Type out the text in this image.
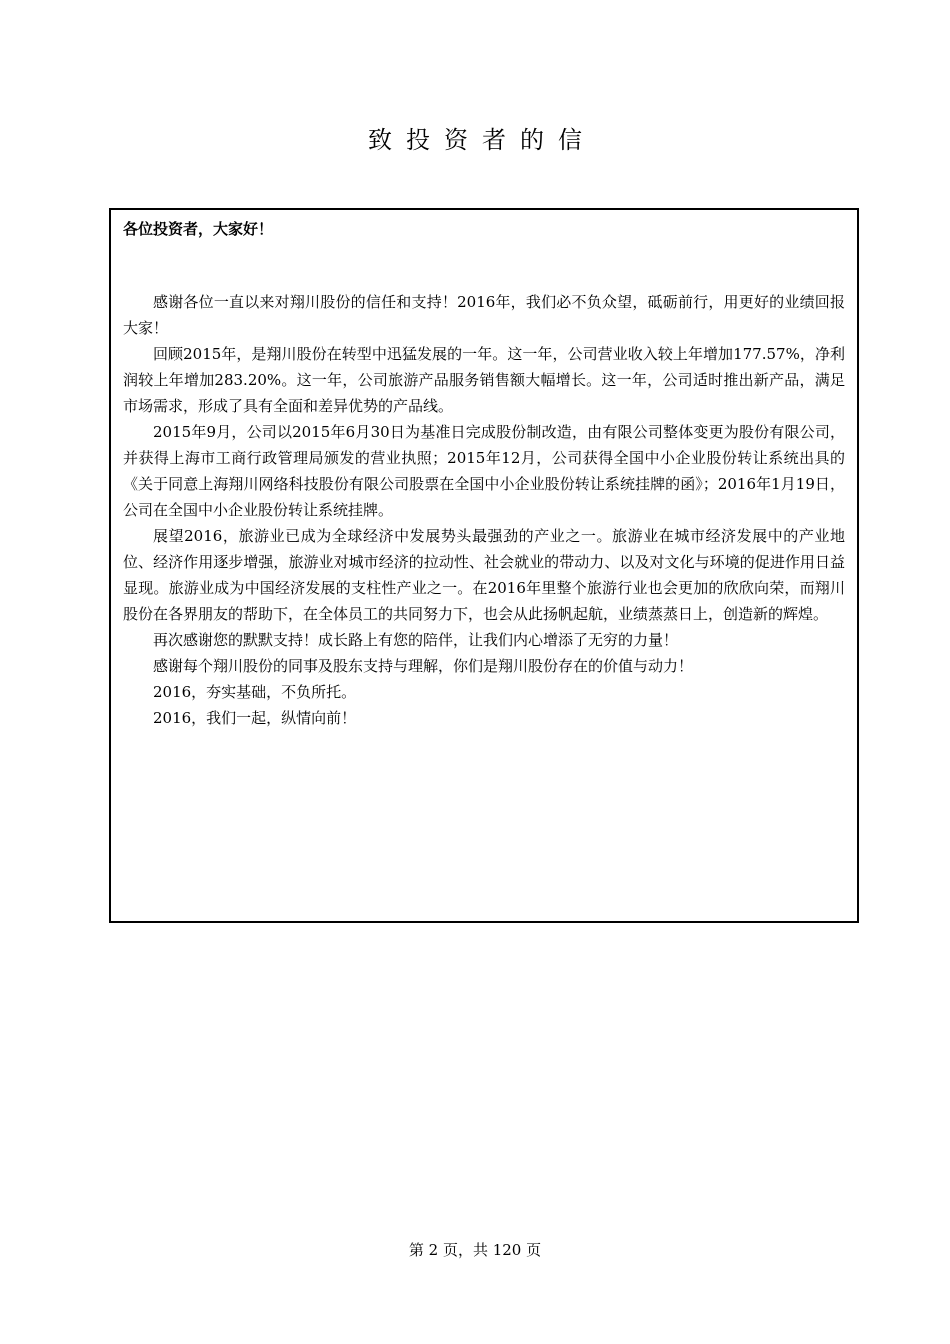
致投资者的信

各位投资者，大家好！

感谢各位一直以来对翔川股份的信任和支持！2016年，我们必不负众望，砥砺前行，用更好的业绩回报大家！

回顾2015年，是翔川股份在转型中迅猛发展的一年。这一年，公司营业收入较上年增加177.57%，净利润较上年增加283.20%。这一年，公司旅游产品服务销售额大幅增长。这一年，公司适时推出新产品，满足市场需求，形成了具有全面和差异优势的产品线。

2015年9月，公司以2015年6月30日为基准日完成股份制改造，由有限公司整体变更为股份有限公司，并获得上海市工商行政管理局颁发的营业执照；2015年12月，公司获得全国中小企业股份转让系统出具的《关于同意上海翔川网络科技股份有限公司股票在全国中小企业股份转让系统挂牌的函》；2016年1月19日，公司在全国中小企业股份转让系统挂牌。

展望2016，旅游业已成为全球经济中发展势头最强劲的产业之一。旅游业在城市经济发展中的产业地位、经济作用逐步增强，旅游业对城市经济的拉动性、社会就业的带动力、以及对文化与环境的促进作用日益显现。旅游业成为中国经济发展的支柱性产业之一。在2016年里整个旅游行业也会更加的欣欣向荣，而翔川股份在各界朋友的帮助下，在全体员工的共同努力下，也会从此扬帆起航，业绩蒸蒸日上，创造新的辉煌。

再次感谢您的默默支持！成长路上有您的陪伴，让我们内心增添了无穷的力量！

感谢每个翔川股份的同事及股东支持与理解，你们是翔川股份存在的价值与动力！

2016，夯实基础，不负所托。

2016，我们一起，纵情向前！

第 2 页，共 120 页
